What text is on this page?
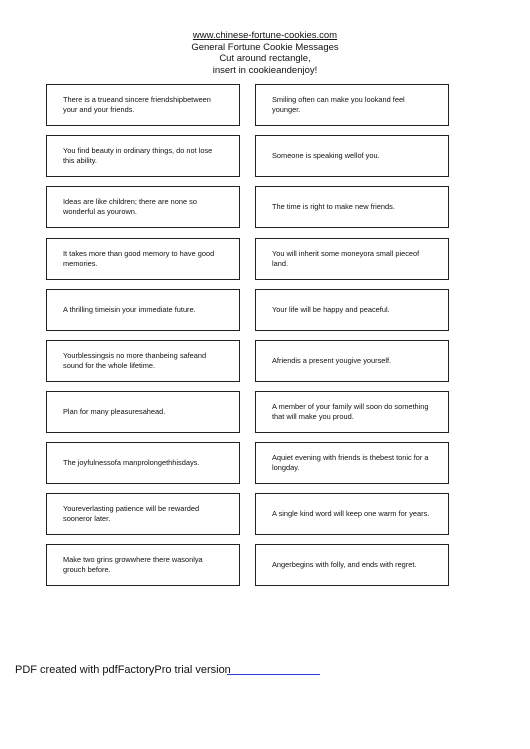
www.chinese-fortune-cookies.com
General Fortune Cookie Messages
Cut around rectangle,
insert in cookieandenjoy!
There is a trueand sincere friendshipbetween your and your friends.
You find beauty in ordinary things, do not lose this ability.
Ideas are like children; there are none so wonderful as yourown.
It takes more than good memory to have good memories.
A thrilling timeisin your immediate future.
Yourblessingsis no more thanbeing safeand sound for the whole lifetime.
Plan for many pleasuresahead.
The joyfulnessofa manprolongethhisdays.
Youreverlasting patience will be rewarded sooneror later.
Make two grins growwhere there wasonlya grouch before.
Smiling often can make you lookand feel younger.
Someone is speaking wellof you.
The time is right to make new friends.
You will inherit some moneyora small pieceof land.
Your life will be happy and peaceful.
Afriendis a present yougive yourself.
A member of your family will soon do something that will make you proud.
Aquiet evening with friends is thebest tonic for a longday.
A single kind word will keep one warm for years.
Angerbegins with folly, and ends with regret.
PDF created with pdfFactoryPro trial version
